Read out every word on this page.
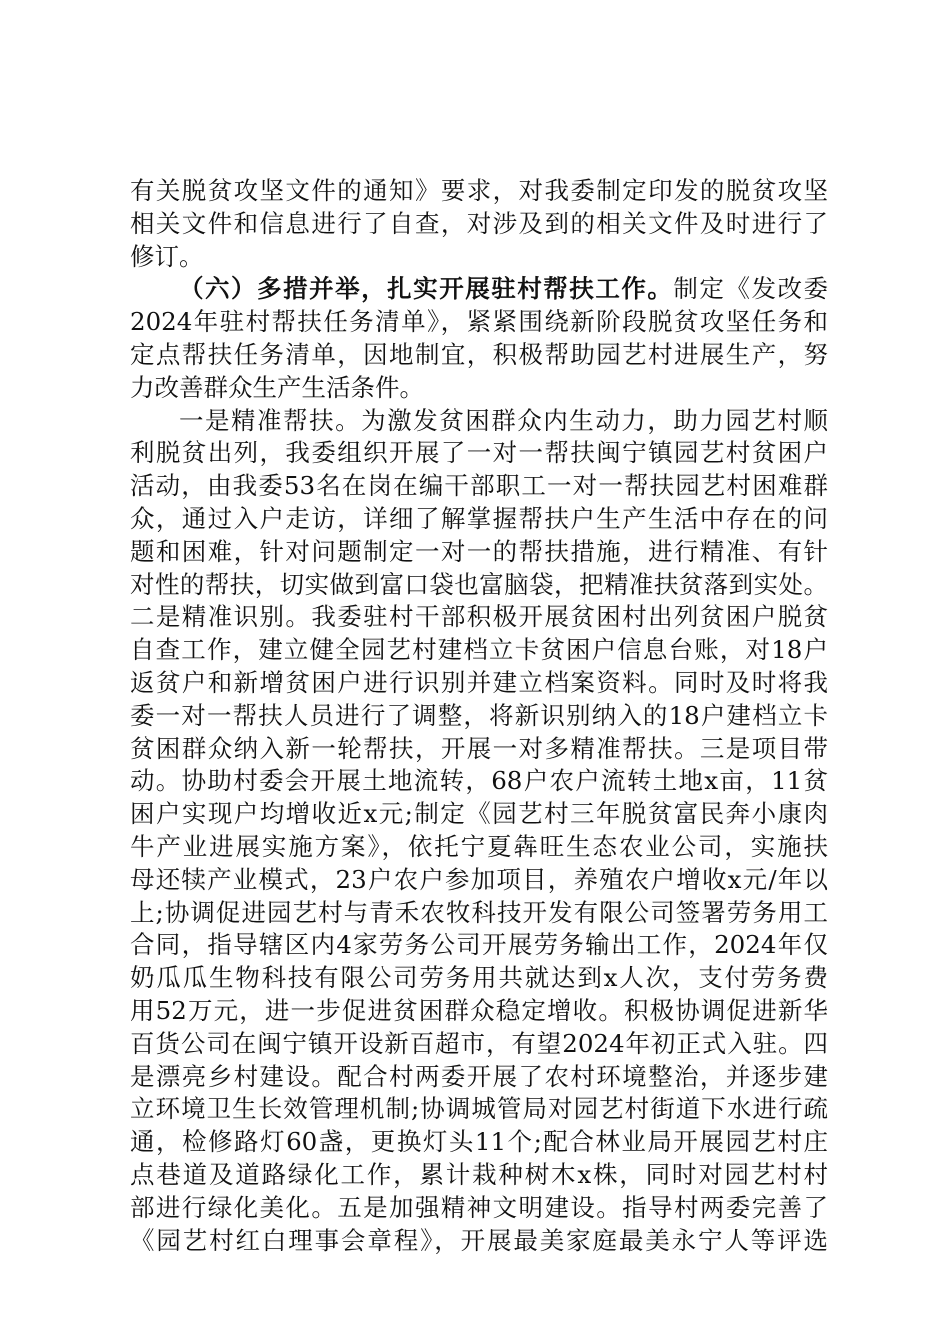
有关脱贫攻坚文件的通知》要求，对我委制定印发的脱贫攻坚
相关文件和信息进行了自查，对涉及到的相关文件及时进行了
修订。
（六）多措并举，扎实开展驻村帮扶工作。制定《发改委
2024年驻村帮扶任务清单》，紧紧围绕新阶段脱贫攻坚任务和
定点帮扶任务清单，因地制宜，积极帮助园艺村进展生产，努
力改善群众生产生活条件。
一是精准帮扶。为激发贫困群众内生动力，助力园艺村顺
利脱贫出列，我委组织开展了一对一帮扶闽宁镇园艺村贫困户
活动，由我委53名在岗在编干部职工一对一帮扶园艺村困难群
众，通过入户走访，详细了解掌握帮扶户生产生活中存在的问
题和困难，针对问题制定一对一的帮扶措施，进行精准、有针
对性的帮扶，切实做到富口袋也富脑袋，把精准扶贫落到实处。
二是精准识别。我委驻村干部积极开展贫困村出列贫困户脱贫
自查工作，建立健全园艺村建档立卡贫困户信息台账，对18户
返贫户和新增贫困户进行识别并建立档案资料。同时及时将我
委一对一帮扶人员进行了调整，将新识别纳入的18户建档立卡
贫困群众纳入新一轮帮扶，开展一对多精准帮扶。三是项目带
动。协助村委会开展土地流转，68户农户流转土地x亩，11贫
困户实现户均增收近x元;制定《园艺村三年脱贫富民奔小康肉
牛产业进展实施方案》，依托宁夏犇旺生态农业公司，实施扶
母还犊产业模式，23户农户参加项目，养殖农户增收x元/年以
上;协调促进园艺村与青禾农牧科技开发有限公司签署劳务用工
合同，指导辖区内4家劳务公司开展劳务输出工作，2024年仅
奶瓜瓜生物科技有限公司劳务用共就达到x人次，支付劳务费
用52万元，进一步促进贫困群众稳定增收。积极协调促进新华
百货公司在闽宁镇开设新百超市，有望2024年初正式入驻。四
是漂亮乡村建设。配合村两委开展了农村环境整治，并逐步建
立环境卫生长效管理机制;协调城管局对园艺村街道下水进行疏
通，检修路灯60盏，更换灯头11个;配合林业局开展园艺村庄
点巷道及道路绿化工作，累计栽种树木x株，同时对园艺村村
部进行绿化美化。五是加强精神文明建设。指导村两委完善了
《园艺村红白理事会章程》，开展最美家庭最美永宁人等评选
